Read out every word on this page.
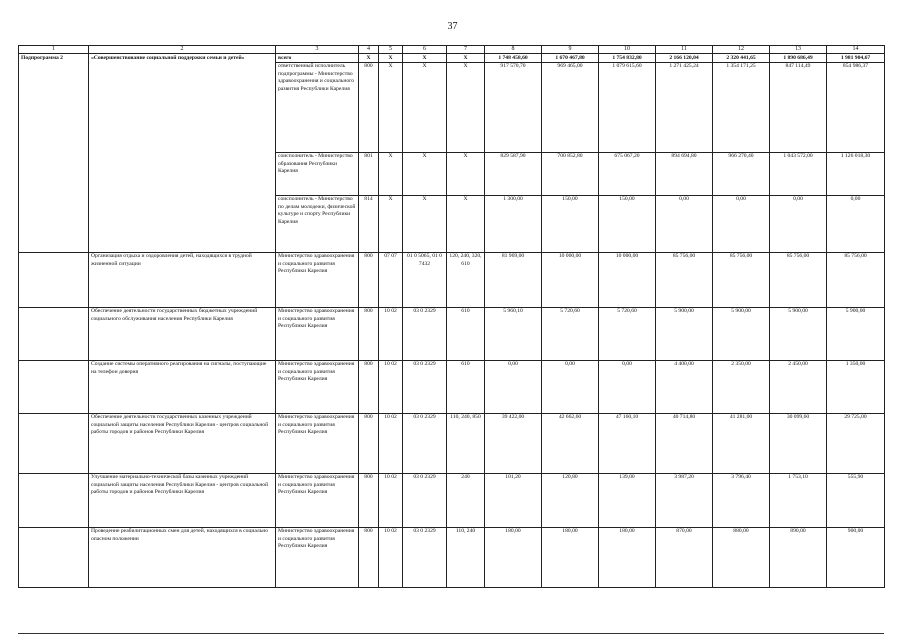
37
1	2	3	4	5	6	7	8	9	10	11	12	13	14
Подпрограмма 2	«Совершенствование социальной поддержки семьи и детей»	всего	Х	Х	Х	Х	1 748 458,60	1 670 467,80	1 754 832,80	2 166 120,04	2 320 441,65	1 890 686,49	1 981 904,67
		ответственный исполнитель подпрограммы - Министерство здравоохранения и социального развития Республики Карелия	800	Х	Х	Х	917 570,70	969 465,00	1 079 615,60	1 271 425,24	1 354 171,25	847 114,49	854 986,37
		соисполнитель - Министерство образования Республики Карелия	801	Х	Х	Х	829 587,90	700 852,80	675 067,20	894 694,80	966 270,40	1 043 572,00	1 126 018,30
		соисполнитель - Министерство по делам молодежи, физической культуре и спорту Республики Карелия	814	Х	Х	Х	1 300,00	150,00	150,00	0,00	0,00	0,00	0,00
	Организация отдыха и оздоровления детей, находящихся в трудной жизненной ситуации	Министерство здравоохранения и социального развития Республики Карелия	800	07 07	01 0 5065, 01 0 7432	120, 240, 320, 610	81 969,00	10 000,00	10 000,00	85 756,00	85 756,00	85 756,00	85 756,00
	Обеспечение деятельности государственных бюджетных учреждений социального обслуживания населения Республики Карелия	Министерство здравоохранения и социального развития Республики Карелия	800	10 02	03 0 2329	610	5 960,10	5 720,60	5 720,60	5 900,00	5 900,00	5 900,00	5 900,00
	Создание системы оперативного реагирования на сигналы, поступающие на телефон доверия	Министерство здравоохранения и социального развития Республики Карелия	800	10 02	03 0 2329	610	0,00	0,00	0,00	4 400,00	2 350,00	2 450,00	1 350,00
	Обеспечение деятельности государственных казенных учреждений социальной защиты населения Республики Карелия - центров социальной работы городов и районов Республики Карелия	Министерство здравоохранения и социального развития Республики Карелия	800	10 02	03 0 2329	110, 240, 850	39 422,00	42 662,60	47 160,10	40 714,80	41 281,00	30 099,60	29 725,00
	Улучшение материально-технической базы казенных учреждений социальной защиты населения Республики Карелия - центров социальной работы городов и районов Республики Карелия	Министерство здравоохранения и социального развития Республики Карелия	800	10 02	03 0 2329	240	101,20	120,80	139,00	3 987,20	3 796,40	1 753,10	555,90
	Проведение реабилитационных смен для детей, находящихся в социально опасном положении	Министерство здравоохранения и социального развития Республики Карелия	800	10 02	03 0 2329	110, 240	180,00	180,00	180,00	870,00	880,00	890,00	900,00
